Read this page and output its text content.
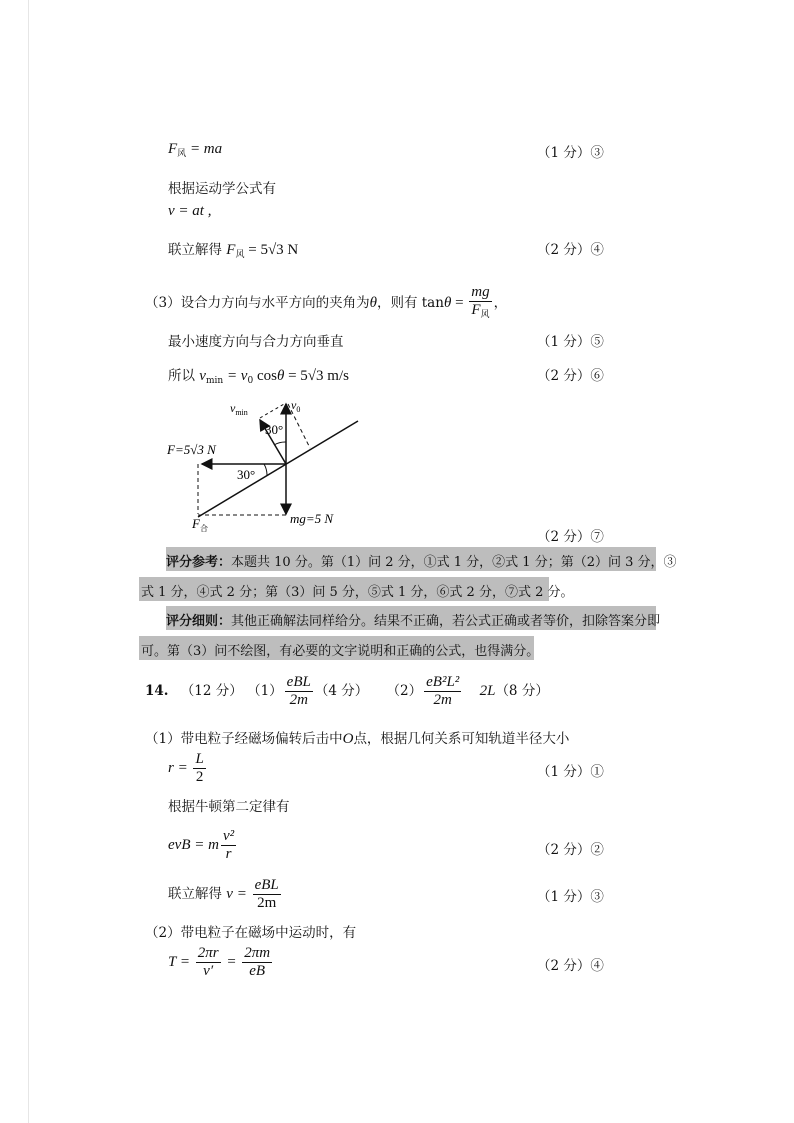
$F_风$ = ma	（1 分）③
根据运动学公式有
v = at ,
联立解得 $F_风 = 5√3$ N	（2 分）④
（3）设合力方向与水平方向的夹角为θ，则有 $\tan\theta = \frac{mg}{F_风}$ ，
最小速度方向与合力方向垂直	（1 分）⑤
所以 $v_{min} = v_0$ cosθ = 5√3 m/s	（2 分）⑥
$v_{min}$
$v_0$
30°
30°
F=5√3 N
mg=5 N
$F_合$
（2 分）⑦
评分参考：本题共 10 分。第（1）问 2 分，①式 1 分，②式 1 分；第（2）问 3 分，③
式 1 分，④式 2 分；第（3）问 5 分，⑤式 1 分，⑥式 2 分，⑦式 2 分。
评分细则：其他正确解法同样给分。结果不正确，若公式正确或者等价，扣除答案分即
可。第（3）问不绘图，有必要的文字说明和正确的公式，也得满分。
14. （12 分） $(1) \frac{\text{eBL}}{2m} (4$ 分） $(2) \frac{\text{eB²L²}}{2m} 2L(8$ 分）
（1）带电粒子经磁场偏转后击中O点，根据几何关系可知轨道半径大小
$r = \frac{L}{2}$	（1 分）①
根据牛顿第二定律有
evB = m $\frac{\text{v²}}{r}$	（2 分）②
联立解得 $v = \frac{\text{eBL}}{2m}$	（1 分）③
（2）带电粒子在磁场中运动时，有
$T = \frac{2\pi r}{v'} = \frac{2\pi m}{eB}$	（2 分）④
